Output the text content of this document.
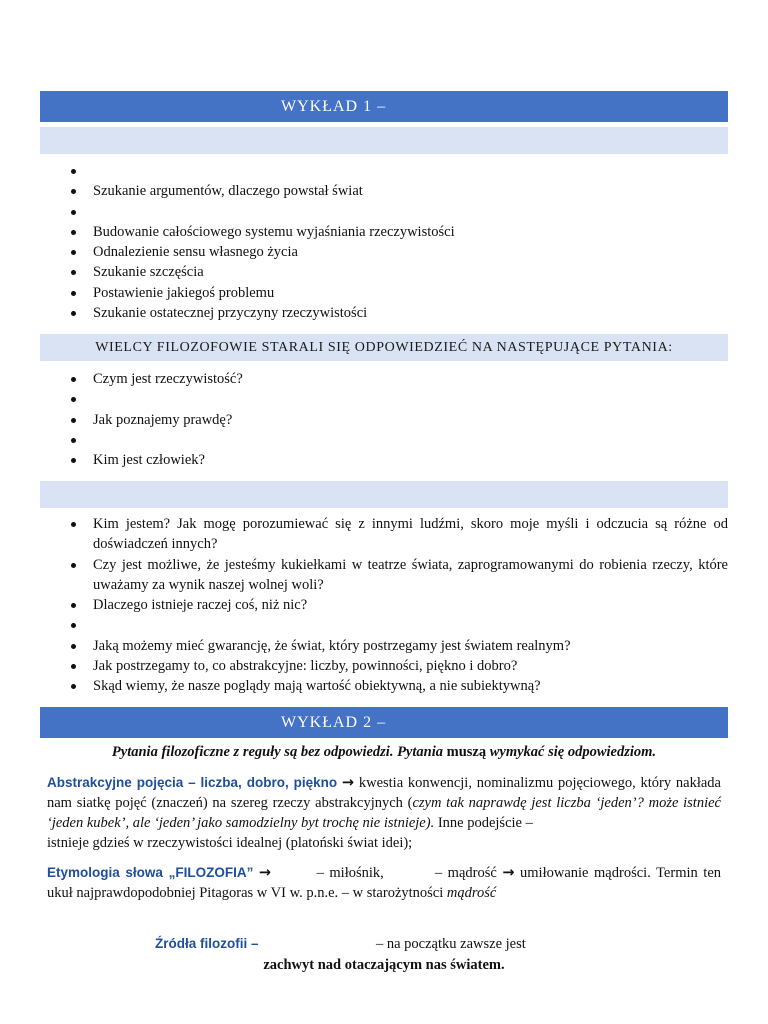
WYKŁAD 1 –
Szukanie argumentów, dlaczego powstał świat
Budowanie całościowego systemu wyjaśniania rzeczywistości
Odnalezienie sensu własnego życia
Szukanie szczęścia
Postawienie jakiegoś problemu
Szukanie ostatecznej przyczyny rzeczywistości
WIELCY FILOZOFOWIE STARALI SIĘ ODPOWIEDZIEĆ NA NASTĘPUJĄCE PYTANIA:
Czym jest rzeczywistość?
Jak poznajemy prawdę?
Kim jest człowiek?
Kim jestem? Jak mogę porozumiewać się z innymi ludźmi, skoro moje myśli i odczucia są różne od doświadczeń innych?
Czy jest możliwe, że jesteśmy kukiełkami w teatrze świata, zaprogramowanymi do robienia rzeczy, które uważamy za wynik naszej wolnej woli?
Dlaczego istnieje raczej coś, niż nic?
Jaką możemy mieć gwarancję, że świat, który postrzegamy jest światem realnym?
Jak postrzegamy to, co abstrakcyjne: liczby, powinności, piękno i dobro?
Skąd wiemy, że nasze poglądy mają wartość obiektywną, a nie subiektywną?
WYKŁAD 2 –
Pytania filozoficzne z reguły są bez odpowiedzi. Pytania muszą wymykać się odpowiedziom.
Abstrakcyjne pojęcia – liczba, dobro, piękno → kwestia konwencji, nominalizmu pojęciowego, który nakłada nam siatkę pojęć (znaczeń) na szereg rzeczy abstrakcyjnych (czym tak naprawdę jest liczba ‘jeden’? może istnieć ‘jeden kubek’, ale ‘jeden’ jako samodzielny byt trochę nie istnieje). Inne podejście –
istnieje gdzieś w rzeczywistości idealnej (platoński świat idei);
Etymologia słowa „FILOZOFIA” →	– miłośnik,	– mądrość → umiłowanie mądrości. Termin ten ukuł najprawdopodobniej Pitagoras w VI w. p.n.e. – w starożytności mądrość
Źródła filozofii –	– na początku zawsze jest
zachwyt nad otaczającym nas światem.
